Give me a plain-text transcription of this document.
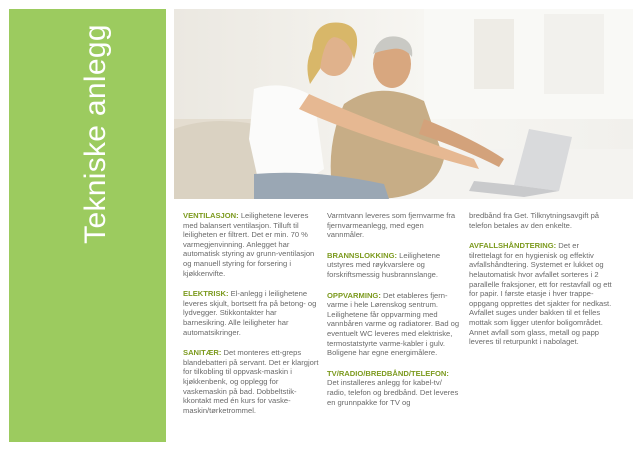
Tekniske anlegg	VENTILASJON: Leilighetene leveres med balansert ventilasjon. Tilluft til leiligheten er filtrert. Det er min. 70 % varmegjenvinning. Anlegget har automatisk styring av grunn-ventilasjon og manuell styring for forsering i kjøkkenvifte.

ELEKTRISK: El-anlegg i leilighetene leveres skjult, bortsett fra på betong- og lydvegger. Stikkontakter har barnesikring. Alle leiligheter har automatsikringer.

SANITÆR: Det monteres ett-greps blandebatteri på servant. Det er klargjort for tilkobling til oppvask-maskin i kjøkkenbenk, og opplegg for vaskemaskin på bad. Dobbeltstik-kkontakt med én kurs for vaske-maskin/tørketrommel.

Varmtvann leveres som fjernvarme fra fjernvarmeanlegg, med egen vannmåler.

BRANNSLOKKING: Leilighetene utstyres med røykvarslere og forskriftsmessig husbrannslange.

OPPVARMING: Det etableres fjern-varme i hele Lørenskog sentrum. Leilighetene får oppvarming med vannbåren varme og radiatorer. Bad og eventuelt WC leveres med elektriske, termostatstyrte varme-kabler i gulv. Boligene har egne energimålere.

TV/RADIO/BREDBÅND/TELEFON: Det installeres anlegg for kabel-tv/ radio, telefon og bredbånd. Det leveres en grunnpakke for TV og

bredbånd fra Get. Tilknytningsavgift på telefon betales av den enkelte.

AVFALLSHÅNDTERING: Det er tilrettelagt for en hygienisk og effektiv avfallshåndtering. Systemet er lukket og helautomatisk hvor avfallet sorteres i 2 parallelle fraksjoner, ett for restavfall og ett for papir. I første etasje i hver trappe-oppgang opprettes det sjakter for nedkast. Avfallet suges under bakken til et felles mottak som ligger utenfor boligområdet. Annet avfall som glass, metall og papp leveres til returpunkt i nabolaget.
